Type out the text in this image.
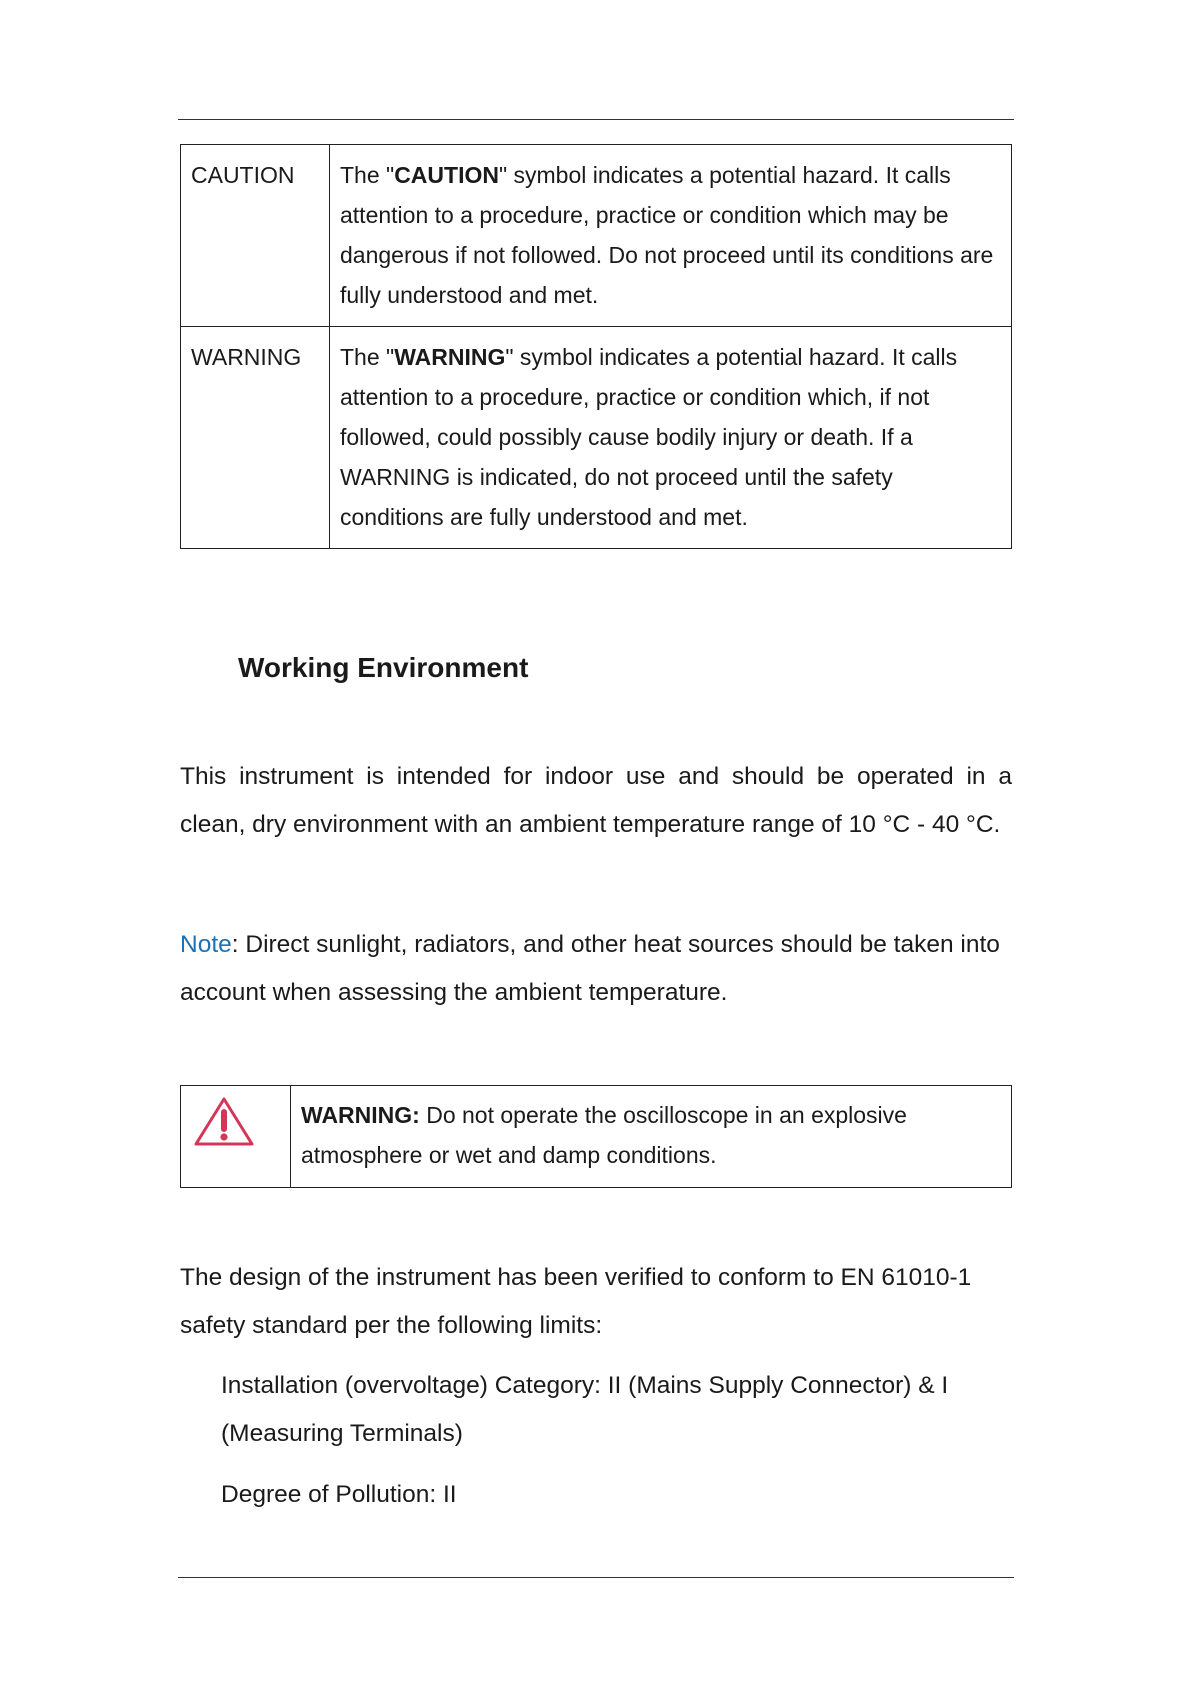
CAUTION	The "CAUTION" symbol indicates a potential hazard. It calls attention to a procedure, practice or condition which may be dangerous if not followed. Do not proceed until its conditions are fully understood and met.
WARNING	The "WARNING" symbol indicates a potential hazard. It calls attention to a procedure, practice or condition which, if not followed, could possibly cause bodily injury or death. If a WARNING is indicated, do not proceed until the safety conditions are fully understood and met.
Working Environment

This instrument is intended for indoor use and should be operated in a clean, dry environment with an ambient temperature range of 10 °C - 40 °C.

Note: Direct sunlight, radiators, and other heat sources should be taken into account when assessing the ambient temperature.

WARNING: Do not operate the oscilloscope in an explosive atmosphere or wet and damp conditions.

The design of the instrument has been verified to conform to EN 61010-1 safety standard per the following limits:

Installation (overvoltage) Category: II (Mains Supply Connector) & I (Measuring Terminals)

Degree of Pollution: II
